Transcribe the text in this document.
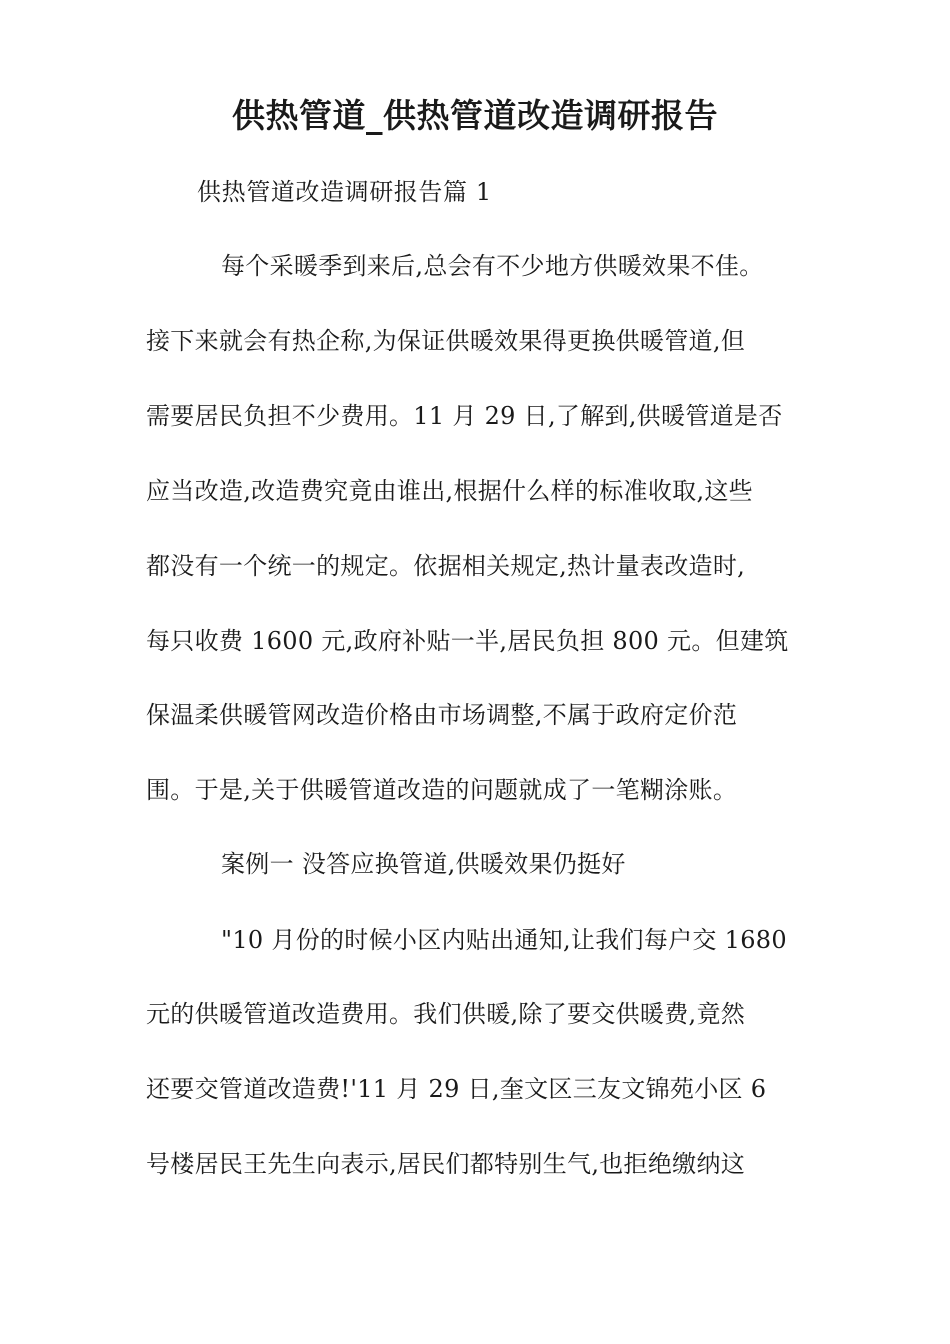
供热管道_供热管道改造调研报告

供热管道改造调研报告篇 1

每个采暖季到来后,总会有不少地方供暖效果不佳。

接下来就会有热企称,为保证供暖效果得更换供暖管道,但

需要居民负担不少费用。11 月 29 日,了解到,供暖管道是否

应当改造,改造费究竟由谁出,根据什么样的标准收取,这些

都没有一个统一的规定。依据相关规定,热计量表改造时,

每只收费 1600 元,政府补贴一半,居民负担 800 元。但建筑

保温柔供暖管网改造价格由市场调整,不属于政府定价范

围。于是,关于供暖管道改造的问题就成了一笔糊涂账。

案例一 没答应换管道,供暖效果仍挺好

"10 月份的时候小区内贴出通知,让我们每户交 1680

元的供暖管道改造费用。我们供暖,除了要交供暖费,竟然

还要交管道改造费!'11 月 29 日,奎文区三友文锦苑小区 6

号楼居民王先生向表示,居民们都特别生气,也拒绝缴纳这
